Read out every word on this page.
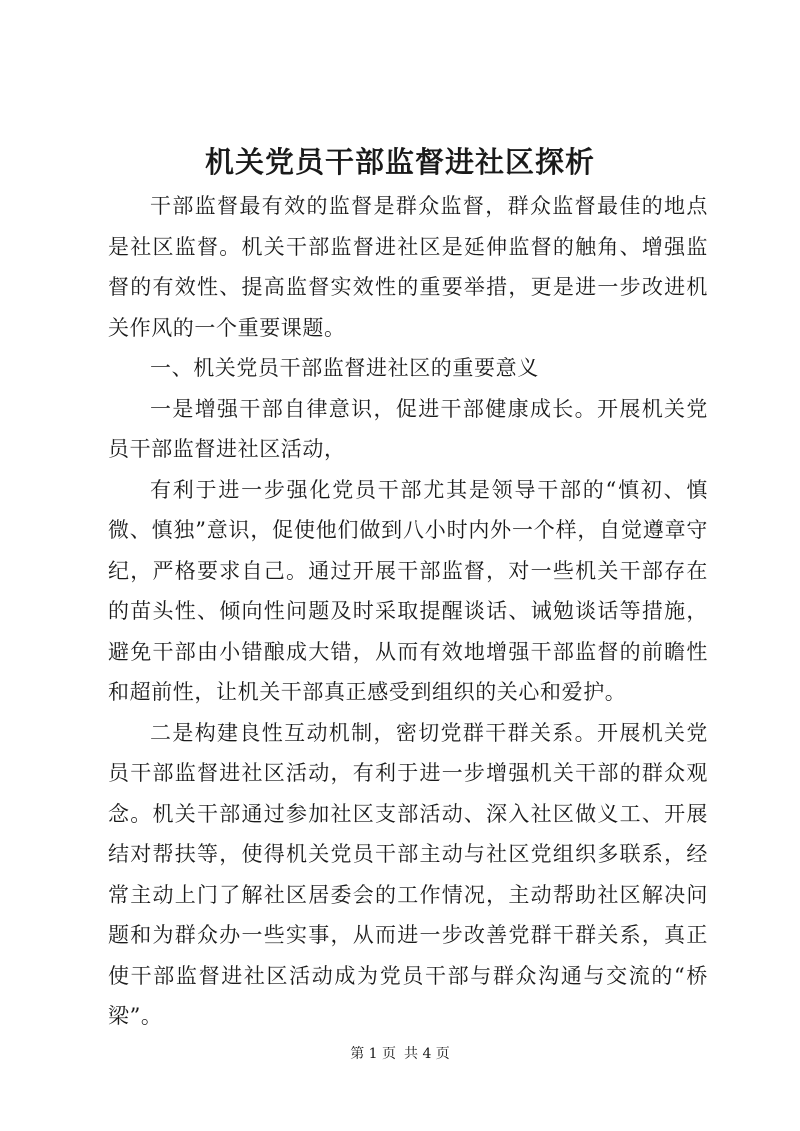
机关党员干部监督进社区探析

干部监督最有效的监督是群众监督，群众监督最佳的地点是社区监督。机关干部监督进社区是延伸监督的触角、增强监督的有效性、提高监督实效性的重要举措，更是进一步改进机关作风的一个重要课题。

一、机关党员干部监督进社区的重要意义

一是增强干部自律意识，促进干部健康成长。开展机关党员干部监督进社区活动，

有利于进一步强化党员干部尤其是领导干部的“慎初、慎微、慎独”意识，促使他们做到八小时内外一个样，自觉遵章守纪，严格要求自己。通过开展干部监督，对一些机关干部存在的苗头性、倾向性问题及时采取提醒谈话、诫勉谈话等措施，避免干部由小错酿成大错，从而有效地增强干部监督的前瞻性和超前性，让机关干部真正感受到组织的关心和爱护。

二是构建良性互动机制，密切党群干群关系。开展机关党员干部监督进社区活动，有利于进一步增强机关干部的群众观念。机关干部通过参加社区支部活动、深入社区做义工、开展结对帮扶等，使得机关党员干部主动与社区党组织多联系，经常主动上门了解社区居委会的工作情况，主动帮助社区解决问题和为群众办一些实事，从而进一步改善党群干群关系，真正使干部监督进社区活动成为党员干部与群众沟通与交流的“桥梁”。

第 1 页 共 4 页
